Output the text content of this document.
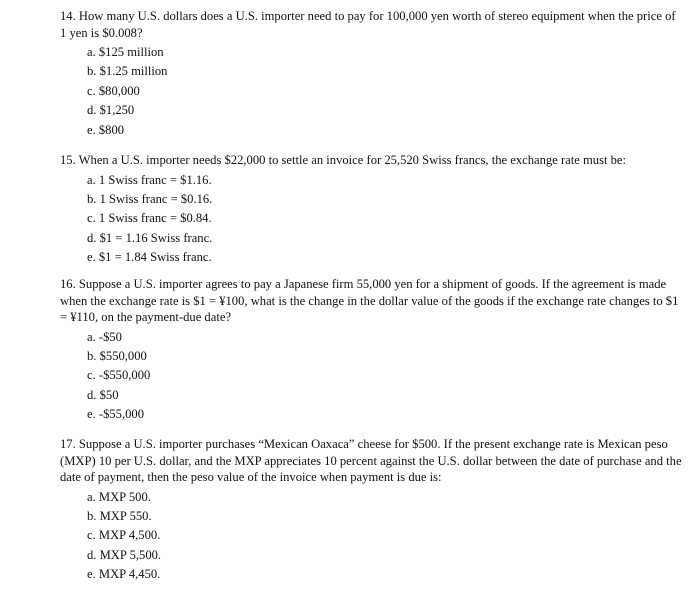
14. How many U.S. dollars does a U.S. importer need to pay for 100,000 yen worth of stereo equipment when the price of 1 yen is $0.008?

a. $125 million
b. $1.25 million
c. $80,000
d. $1,250
e. $800

15. When a U.S. importer needs $22,000 to settle an invoice for 25,520 Swiss francs, the exchange rate must be:

a. 1 Swiss franc = $1.16.
b. 1 Swiss franc = $0.16.
c. 1 Swiss franc = $0.84.
d. $1 = 1.16 Swiss franc.
e. $1 = 1.84 Swiss franc.

16. Suppose a U.S. importer agrees to pay a Japanese firm 55,000 yen for a shipment of goods. If the agreement is made when the exchange rate is $1 = ¥100, what is the change in the dollar value of the goods if the exchange rate changes to $1 = ¥110, on the payment-due date?

a. -$50
b. $550,000
c. -$550,000
d. $50
e. -$55,000

17. Suppose a U.S. importer purchases “Mexican Oaxaca” cheese for $500. If the present exchange rate is Mexican peso (MXP) 10 per U.S. dollar, and the MXP appreciates 10 percent against the U.S. dollar between the date of purchase and the date of payment, then the peso value of the invoice when payment is due is:

a. MXP 500.
b. MXP 550.
c. MXP 4,500.
d. MXP 5,500.
e. MXP 4,450.
